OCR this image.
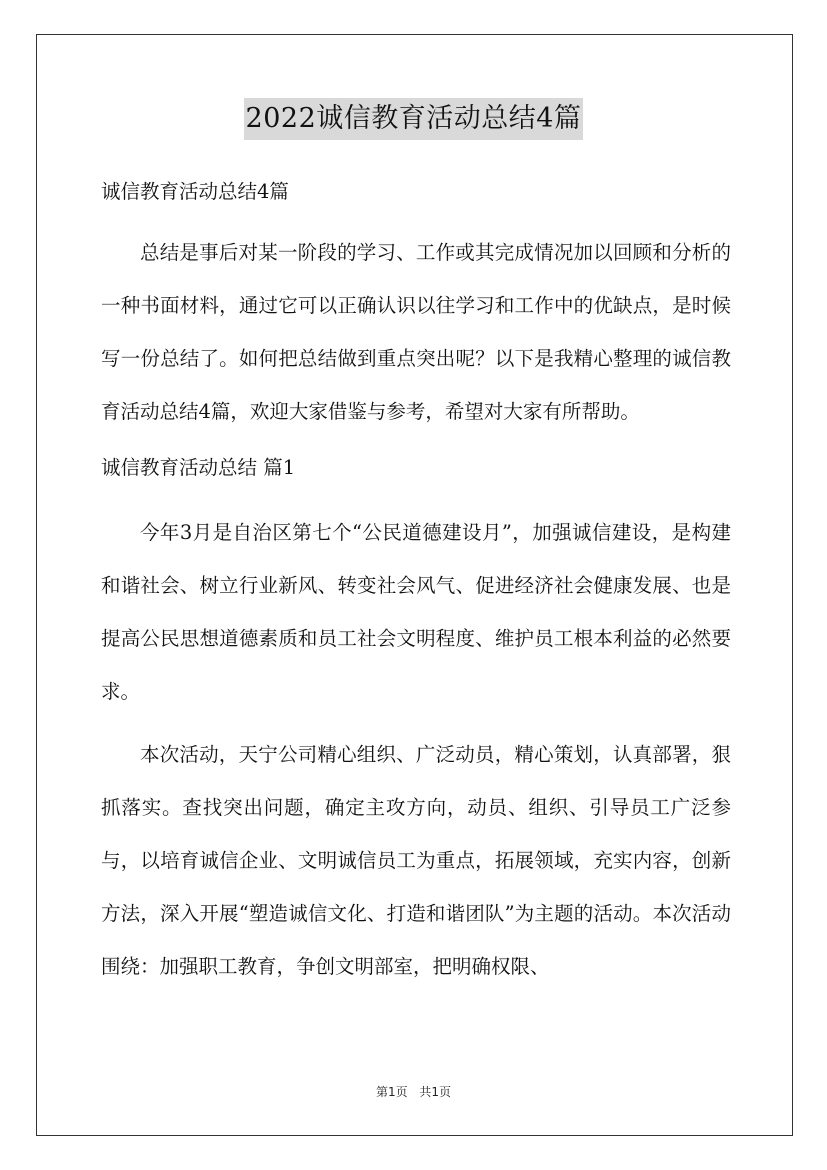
2022诚信教育活动总结4篇

诚信教育活动总结4篇

总结是事后对某一阶段的学习、工作或其完成情况加以回顾和分析的一种书面材料，通过它可以正确认识以往学习和工作中的优缺点，是时候写一份总结了。如何把总结做到重点突出呢？以下是我精心整理的诚信教育活动总结4篇，欢迎大家借鉴与参考，希望对大家有所帮助。

诚信教育活动总结 篇1

今年3月是自治区第七个“公民道德建设月”，加强诚信建设，是构建和谐社会、树立行业新风、转变社会风气、促进经济社会健康发展、也是提高公民思想道德素质和员工社会文明程度、维护员工根本利益的必然要求。

本次活动，天宁公司精心组织、广泛动员，精心策划，认真部署，狠抓落实。查找突出问题，确定主攻方向，动员、组织、引导员工广泛参与，以培育诚信企业、文明诚信员工为重点，拓展领域，充实内容，创新方法，深入开展“塑造诚信文化、打造和谐团队”为主题的活动。本次活动围绕：加强职工教育，争创文明部室，把明确权限、

第1页 共1页
